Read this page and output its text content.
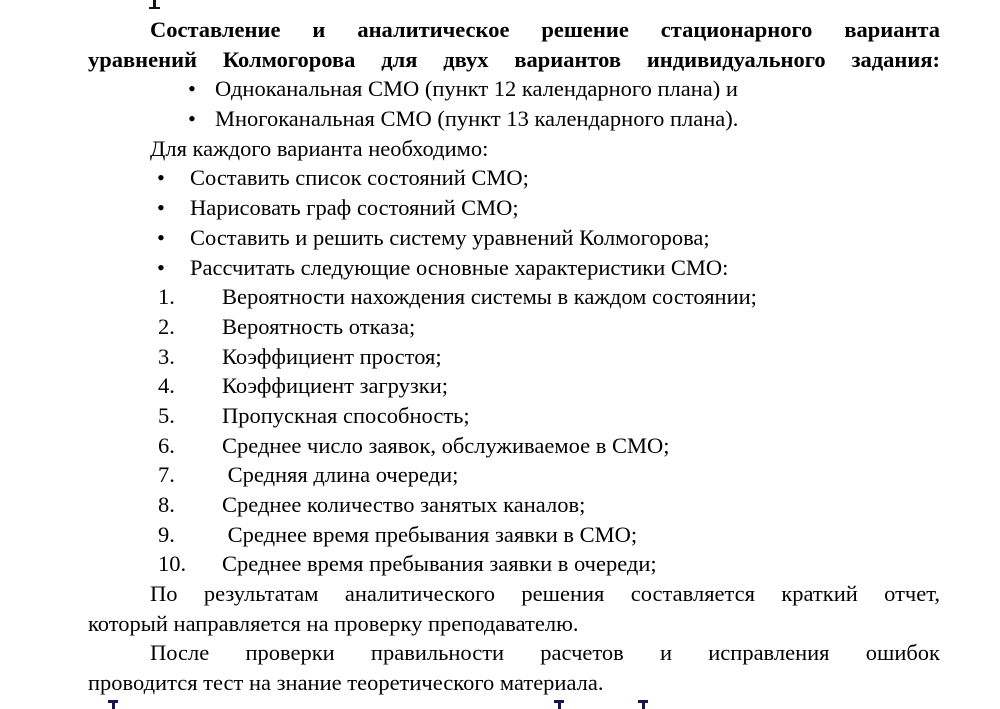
Составление и аналитическое решение стационарного варианта
уравнений Колмогорова для двух вариантов индивидуального задания:
• Одноканальная СМО (пункт 12 календарного плана) и
• Многоканальная СМО (пункт 13 календарного плана).
Для каждого варианта необходимо:
•	Составить список состояний СМО;
•	Нарисовать граф состояний СМО;
•	Составить и решить систему уравнений Колмогорова;
•	Рассчитать следующие основные характеристики СМО:
1.	Вероятности нахождения системы в каждом состоянии;
2.	Вероятность отказа;
3.	Коэффициент простоя;
4.	Коэффициент загрузки;
5.	Пропускная способность;
6.	Среднее число заявок, обслуживаемое в СМО;
7.	Средняя длина очереди;
8.	Среднее количество занятых каналов;
9.	Среднее время пребывания заявки в СМО;
10.	Среднее время пребывания заявки в очереди;
По результатам аналитического решения составляется краткий отчет,
который направляется на проверку преподавателю.
После проверки правильности расчетов и исправления ошибок
проводится тест на знание теоретического материала.
